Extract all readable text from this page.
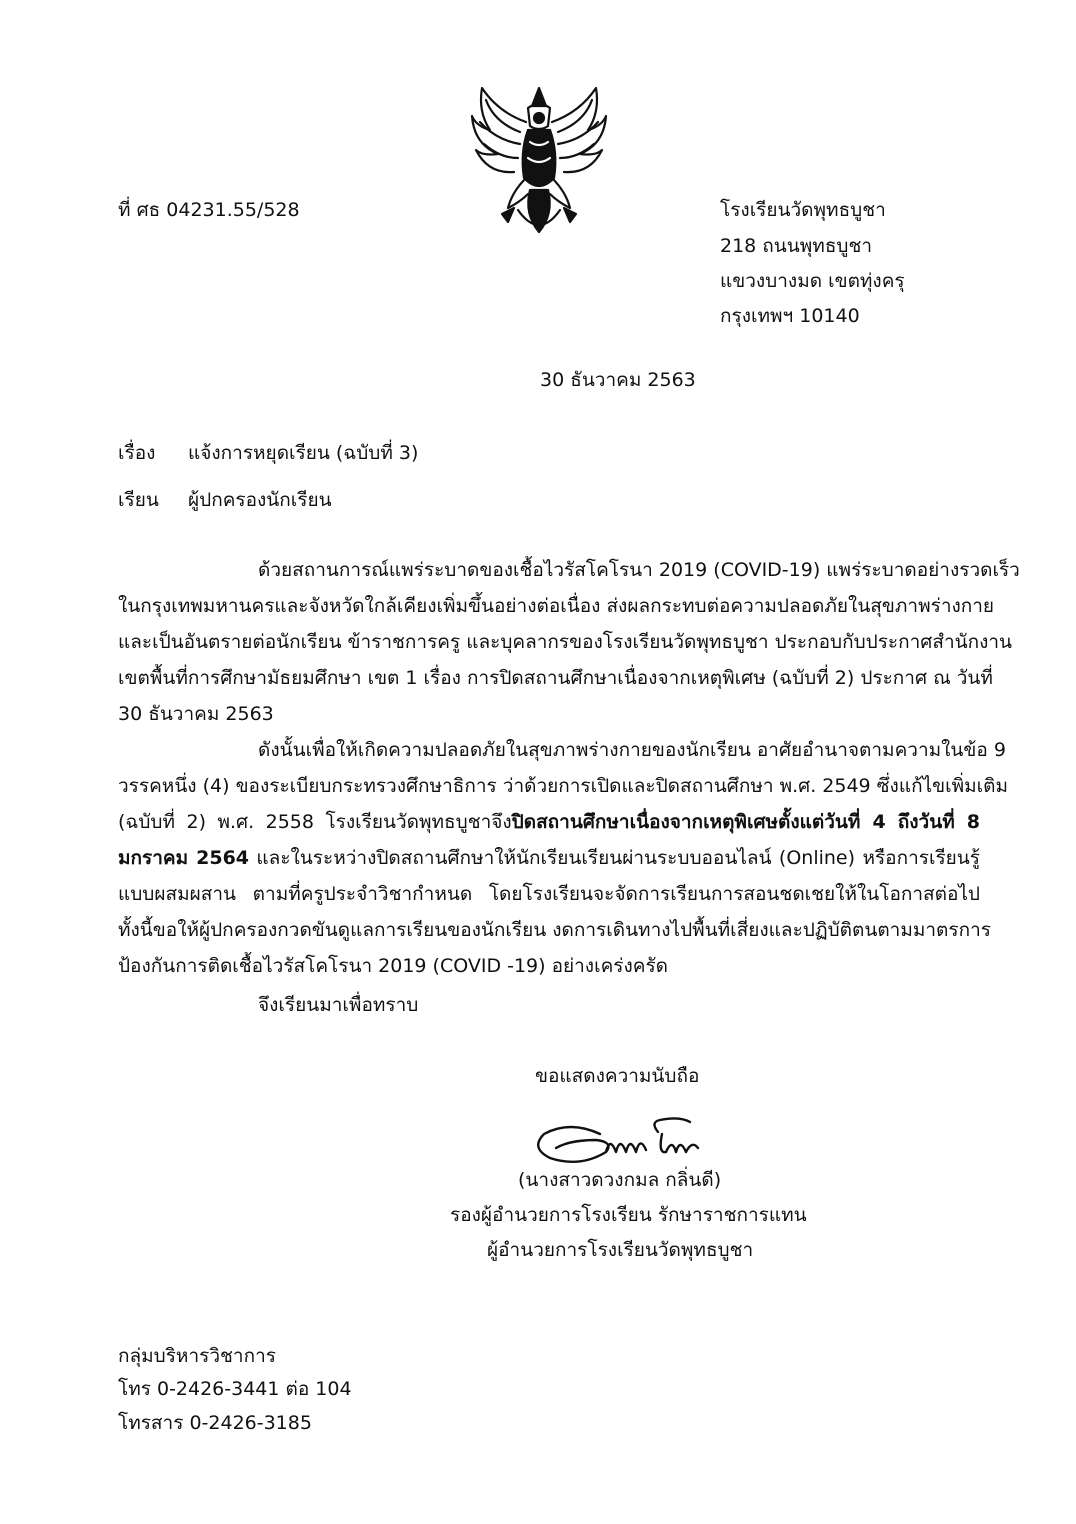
ที่ ศธ 04231.55/528	โรงเรียนวัดพุทธบูชา
218 ถนนพุทธบูชา
แขวงบางมด เขตทุ่งครุ
กรุงเทพฯ 10140
30 ธันวาคม 2563
เรื่อง แจ้งการหยุดเรียน (ฉบับที่ 3)
เรียน ผู้ปกครองนักเรียน
ด้วยสถานการณ์แพร่ระบาดของเชื้อไวรัสโคโรนา 2019 (COVID-19) แพร่ระบาดอย่างรวดเร็ว
ในกรุงเทพมหานครและจังหวัดใกล้เคียงเพิ่มขึ้นอย่างต่อเนื่อง ส่งผลกระทบต่อความปลอดภัยในสุขภาพร่างกาย
และเป็นอันตรายต่อนักเรียน ข้าราชการครู และบุคลากรของโรงเรียนวัดพุทธบูชา ประกอบกับประกาศสำนักงาน
เขตพื้นที่การศึกษามัธยมศึกษา เขต 1 เรื่อง การปิดสถานศึกษาเนื่องจากเหตุพิเศษ (ฉบับที่ 2) ประกาศ ณ วันที่
30 ธันวาคม 2563
ดังนั้นเพื่อให้เกิดความปลอดภัยในสุขภาพร่างกายของนักเรียน อาศัยอำนาจตามความในข้อ 9
วรรคหนึ่ง (4) ของระเบียบกระทรวงศึกษาธิการ ว่าด้วยการเปิดและปิดสถานศึกษา พ.ศ. 2549 ซึ่งแก้ไขเพิ่มเติม
(ฉบับที่ 2) พ.ศ. 2558 โรงเรียนวัดพุทธบูชาจึงปิดสถานศึกษาเนื่องจากเหตุพิเศษตั้งแต่วันที่ 4 ถึงวันที่ 8
มกราคม 2564 และในระหว่างปิดสถานศึกษาให้นักเรียนเรียนผ่านระบบออนไลน์ (Online) หรือการเรียนรู้
แบบผสมผสาน ตามที่ครูประจำวิชากำหนด โดยโรงเรียนจะจัดการเรียนการสอนชดเชยให้ในโอกาสต่อไป
ทั้งนี้ขอให้ผู้ปกครองกวดขันดูแลการเรียนของนักเรียน งดการเดินทางไปพื้นที่เสี่ยงและปฏิบัติตนตามมาตรการ
ป้องกันการติดเชื้อไวรัสโคโรนา 2019 (COVID -19) อย่างเคร่งครัด
จึงเรียนมาเพื่อทราบ
ขอแสดงความนับถือ
(นางสาวดวงกมล กลิ่นดี)
รองผู้อำนวยการโรงเรียน รักษาราชการแทน
ผู้อำนวยการโรงเรียนวัดพุทธบูชา
กลุ่มบริหารวิชาการ
โทร 0-2426-3441 ต่อ 104
โทรสาร 0-2426-3185
